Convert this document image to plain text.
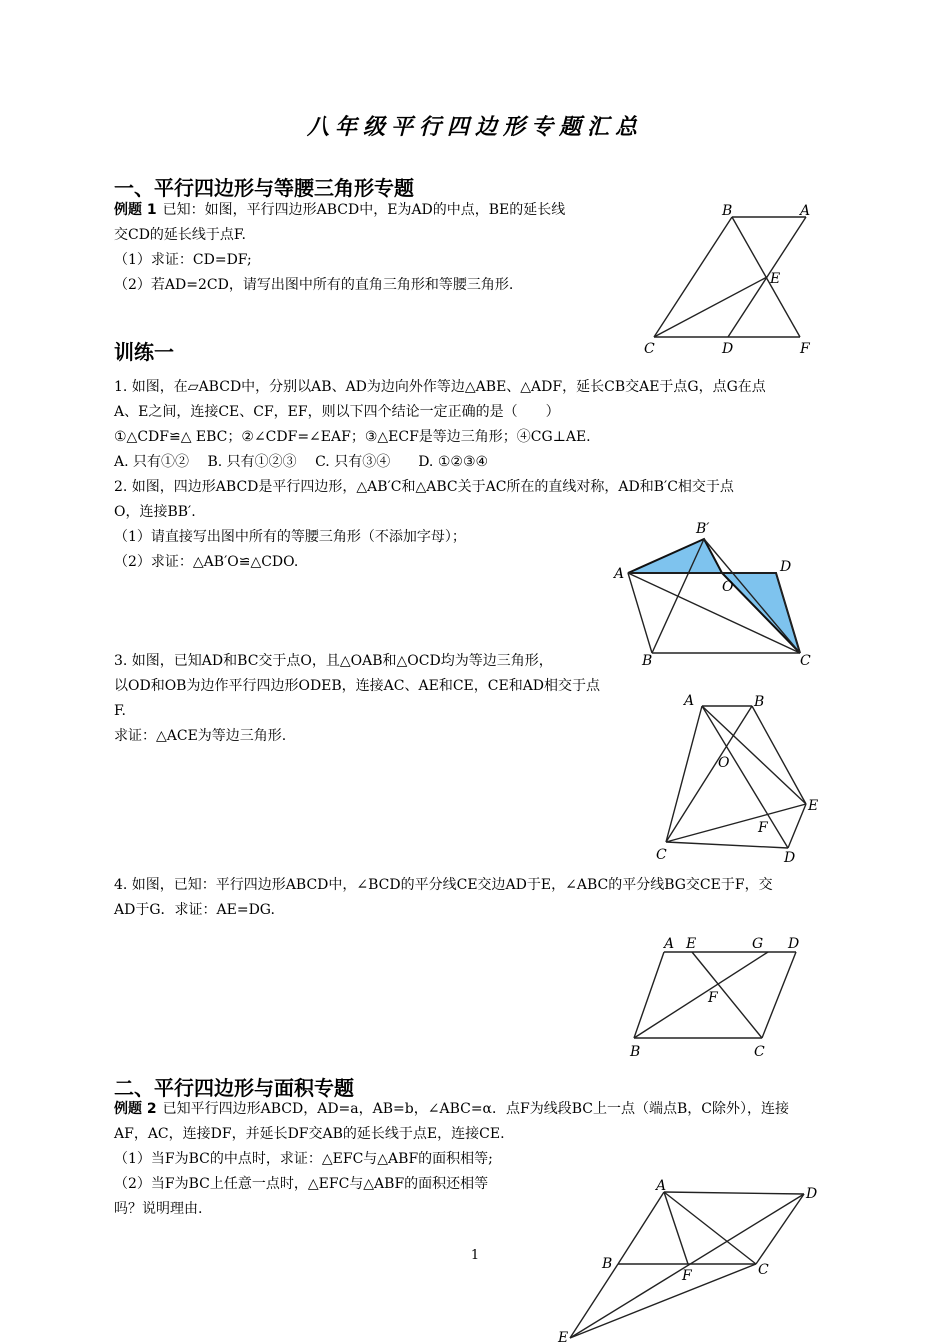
八年级平行四边形专题汇总
一、平行四边形与等腰三角形专题
例题 1 已知：如图，平行四边形ABCD中，E为AD的中点，BE的延长线
交CD的延长线于点F.
（1）求证：CD=DF;
（2）若AD=2CD，请写出图中所有的直角三角形和等腰三角形.
B	A
E
C	D	F
训练一
1. 如图，在▱ABCD中，分别以AB、AD为边向外作等边△ABE、△ADF，延长CB交AE于点G，点G在点
A、E之间，连接CE、CF，EF，则以下四个结论一定正确的是（　　）
①△CDF≌△ EBC；②∠CDF=∠EAF；③△ECF是等边三角形；④CG⊥AE.
A. 只有①②　 B. 只有①②③　 C. 只有③④　　D. ①②③④
2. 如图，四边形ABCD是平行四边形，△AB′C和△ABC关于AC所在的直线对称，AD和B′C相交于点
O，连接BB′.
（1）请直接写出图中所有的等腰三角形（不添加字母）；
（2）求证：△AB′O≌△CDO.
B′
A
O
D
B	C
3. 如图，已知AD和BC交于点O，且△OAB和△OCD均为等边三角形，
以OD和OB为边作平行四边形ODEB，连接AC、AE和CE，CE和AD相交于点
F.
求证：△ACE为等边三角形.
A	B
O
E
F
C	D
4. 如图，已知：平行四边形ABCD中，∠BCD的平分线CE交边AD于E，∠ABC的平分线BG交CE于F，交
AD于G．求证：AE=DG.
A E	G D
F
B	C
二、平行四边形与面积专题
例题 2 已知平行四边形ABCD，AD=a，AB=b，∠ABC=α．点F为线段BC上一点（端点B，C除外），连接
AF，AC，连接DF，并延长DF交AB的延长线于点E，连接CE.
（1）当F为BC的中点时，求证：△EFC与△ABF的面积相等;
（2）当F为BC上任意一点时，△EFC与△ABF的面积还相等
吗？说明理由.
A	D
B
F	C
E
1
